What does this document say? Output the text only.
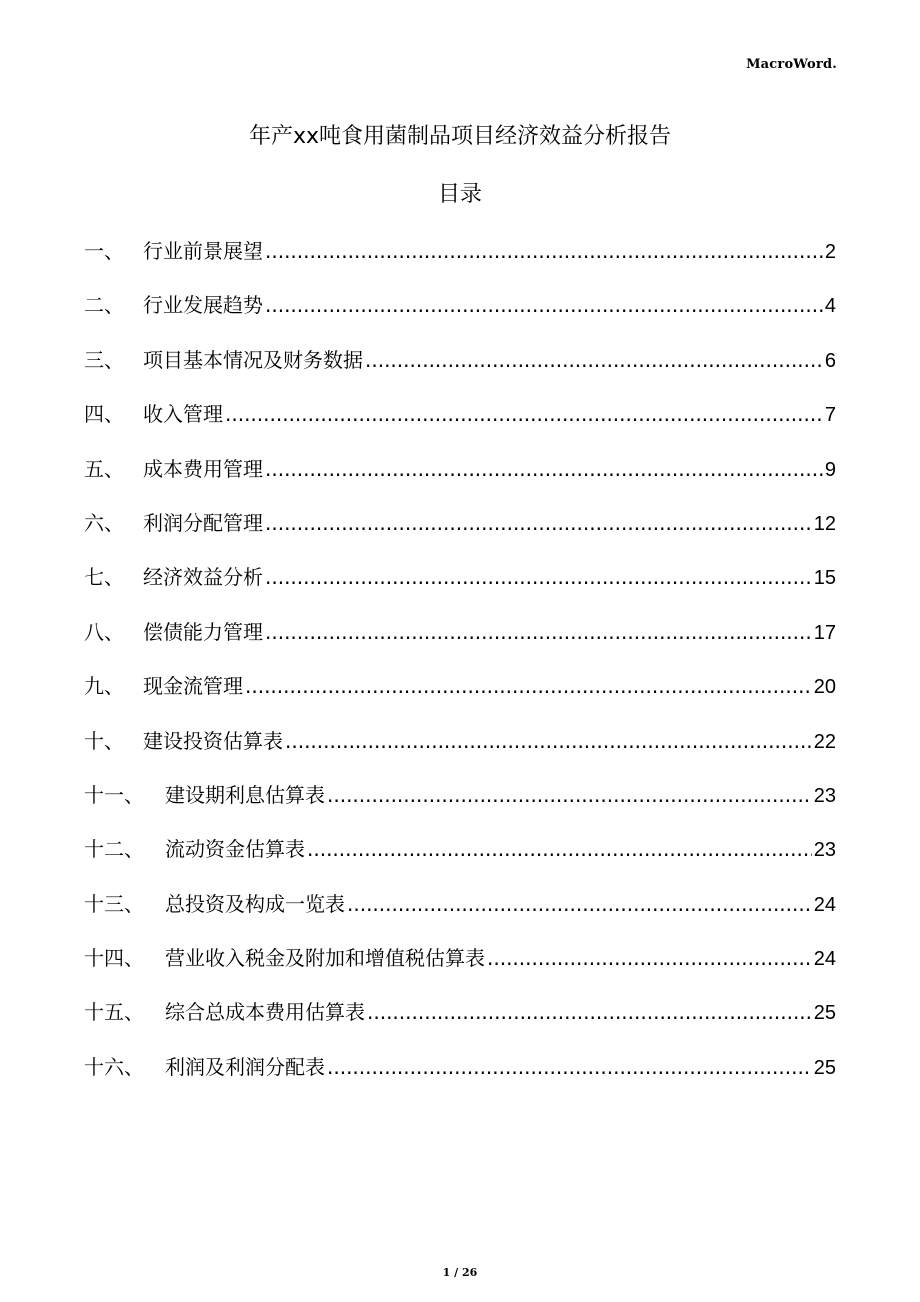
MacroWord.
年产xx吨食用菌制品项目经济效益分析报告
目录
一、 行业前景展望 .....	2
二、 行业发展趋势 .....	4
三、 项目基本情况及财务数据 .....	6
四、 收入管理 .....	7
五、 成本费用管理 .....	9
六、 利润分配管理 .....	12
七、 经济效益分析 .....	15
八、 偿债能力管理 .....	17
九、 现金流管理 .....	20
十、 建设投资估算表 .....	22
十一、	建设期利息估算表 .....	23
十二、	流动资金估算表 .....	23
十三、	总投资及构成一览表 .....	24
十四、	营业收入税金及附加和增值税估算表 .....	24
十五、	综合总成本费用估算表 .....	25
十六、	利润及利润分配表 .....	25
1 / 26
